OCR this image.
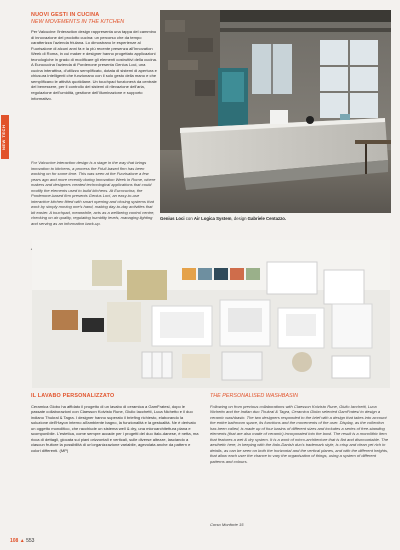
NUOVI GESTI IN CUCINA
NEW MOVEMENTS IN THE KITCHEN
Per Valcucine l'interaction design rappresenta una tappa del cammino di innovazione del prodotto cucina: un percorso che da tempo caratterizza l'azienda friulana. Lo dimostrano le esperienze al Fuorisalone di alcuni anni fa e la più recente presenza all'Innovation Week di Roma, in cui maker e designer hanno progettato applicazioni tecnologiche in grado di modificare gli elementi costruttivi della cucina. A Eurocucina l'azienda di Pordenone presenta Genius Loci, una cucina interattiva, d'utilizzo semplificato, dotata di sistemi di apertura e chiusura intelligenti che funzionano con il solo gesto della mano e che semplificano le attività quotidiane. Un touchpad funzionerà da centrale del benessere, per il controllo dei sistemi di rilevazione dell'aria, regolazione dell'umidità, gestione dell'illuminazione e supporto informativo.
For Valcucine interaction design is a stage in the way that brings innovation to kitchens, a process the Friuli-based firm has been working on for some time. This was seen at the Fuorisalone a few years ago and more recently during Innovation Week in Rome, where makers and designers created technological applications that could modify the elements used to build kitchens. At Eurocucina, the Pordenone-based firm presents Genius Loci, an easy-to-use interactive kitchen fitted with smart opening and closing systems that work by simply moving one's hand, making day-to-day activities that bit easier. A touchpad, meanwhile, acts as a wellbeing control centre, checking on air quality, regulating humidity levels, managing lighting and serving as an information back-up.
NEW TECH
Genius Loci con Air Logica System, design Gabriele Centazzo.
IL LAVABO PERSONALIZZATO
Ceramica Globo ha affidato il progetto di un lavabo di ceramica a GamFratesi, dopo le passate collaborazioni con Claesson Koivisto Rune, Giulio Iacchetti, Luca Nichetto e il duo indiano Thukral & Tagra. I designer hanno superato il briefing richiesto, elaborando la soluzione dell'Hayon interno all'ambiente bagno, la funzionalità e la gestualità. Ne è derivato un oggetto monolitico, che racchiude un sistema well & dry, una microarchitettura piana e scomponibile. L'estetica, come sempre accade per i progetti del duo italo-danese, è netta, ma ricca di dettagli, giocata sui piani orizzontali e verticali, sulle diverse altezze, lasciando a ciascun fruitore la possibilità di un'organizzazione variabile, agevolata anche da pattern e colori differenti. (MP)
THE PERSONALISED WASHBASIN
Following on from previous collaborations with Claesson Koivisto Rune, Giulio Iacchetti, Luca Nichetto and the Indian duo Thukral & Tagra, Ceramica Globo selected GamFratesi to design a ceramic washbasin. The two designers responded to the brief with a design that takes into account the entire bathroom space, its functions and the movements of the user. Display, as the collection has been called, is made up of four basins of different sizes and includes a series of free-standing elements (that are also made of ceramic) incorporated into the bowl. The result is a monolithic item that features a wet & dry system. It is a work of micro-architecture that is flat and dismountable. The aesthetic here, in keeping with the Italo-Danish duo's trademark style, is crisp and clean yet rich in details, as can be seen on both the horizontal and the vertical planes, and with the different heights, that allow each user the chance to vary the organisation of things, using a system of different patterns and colours.
Corso Monforte 15
108 ▲ 553
